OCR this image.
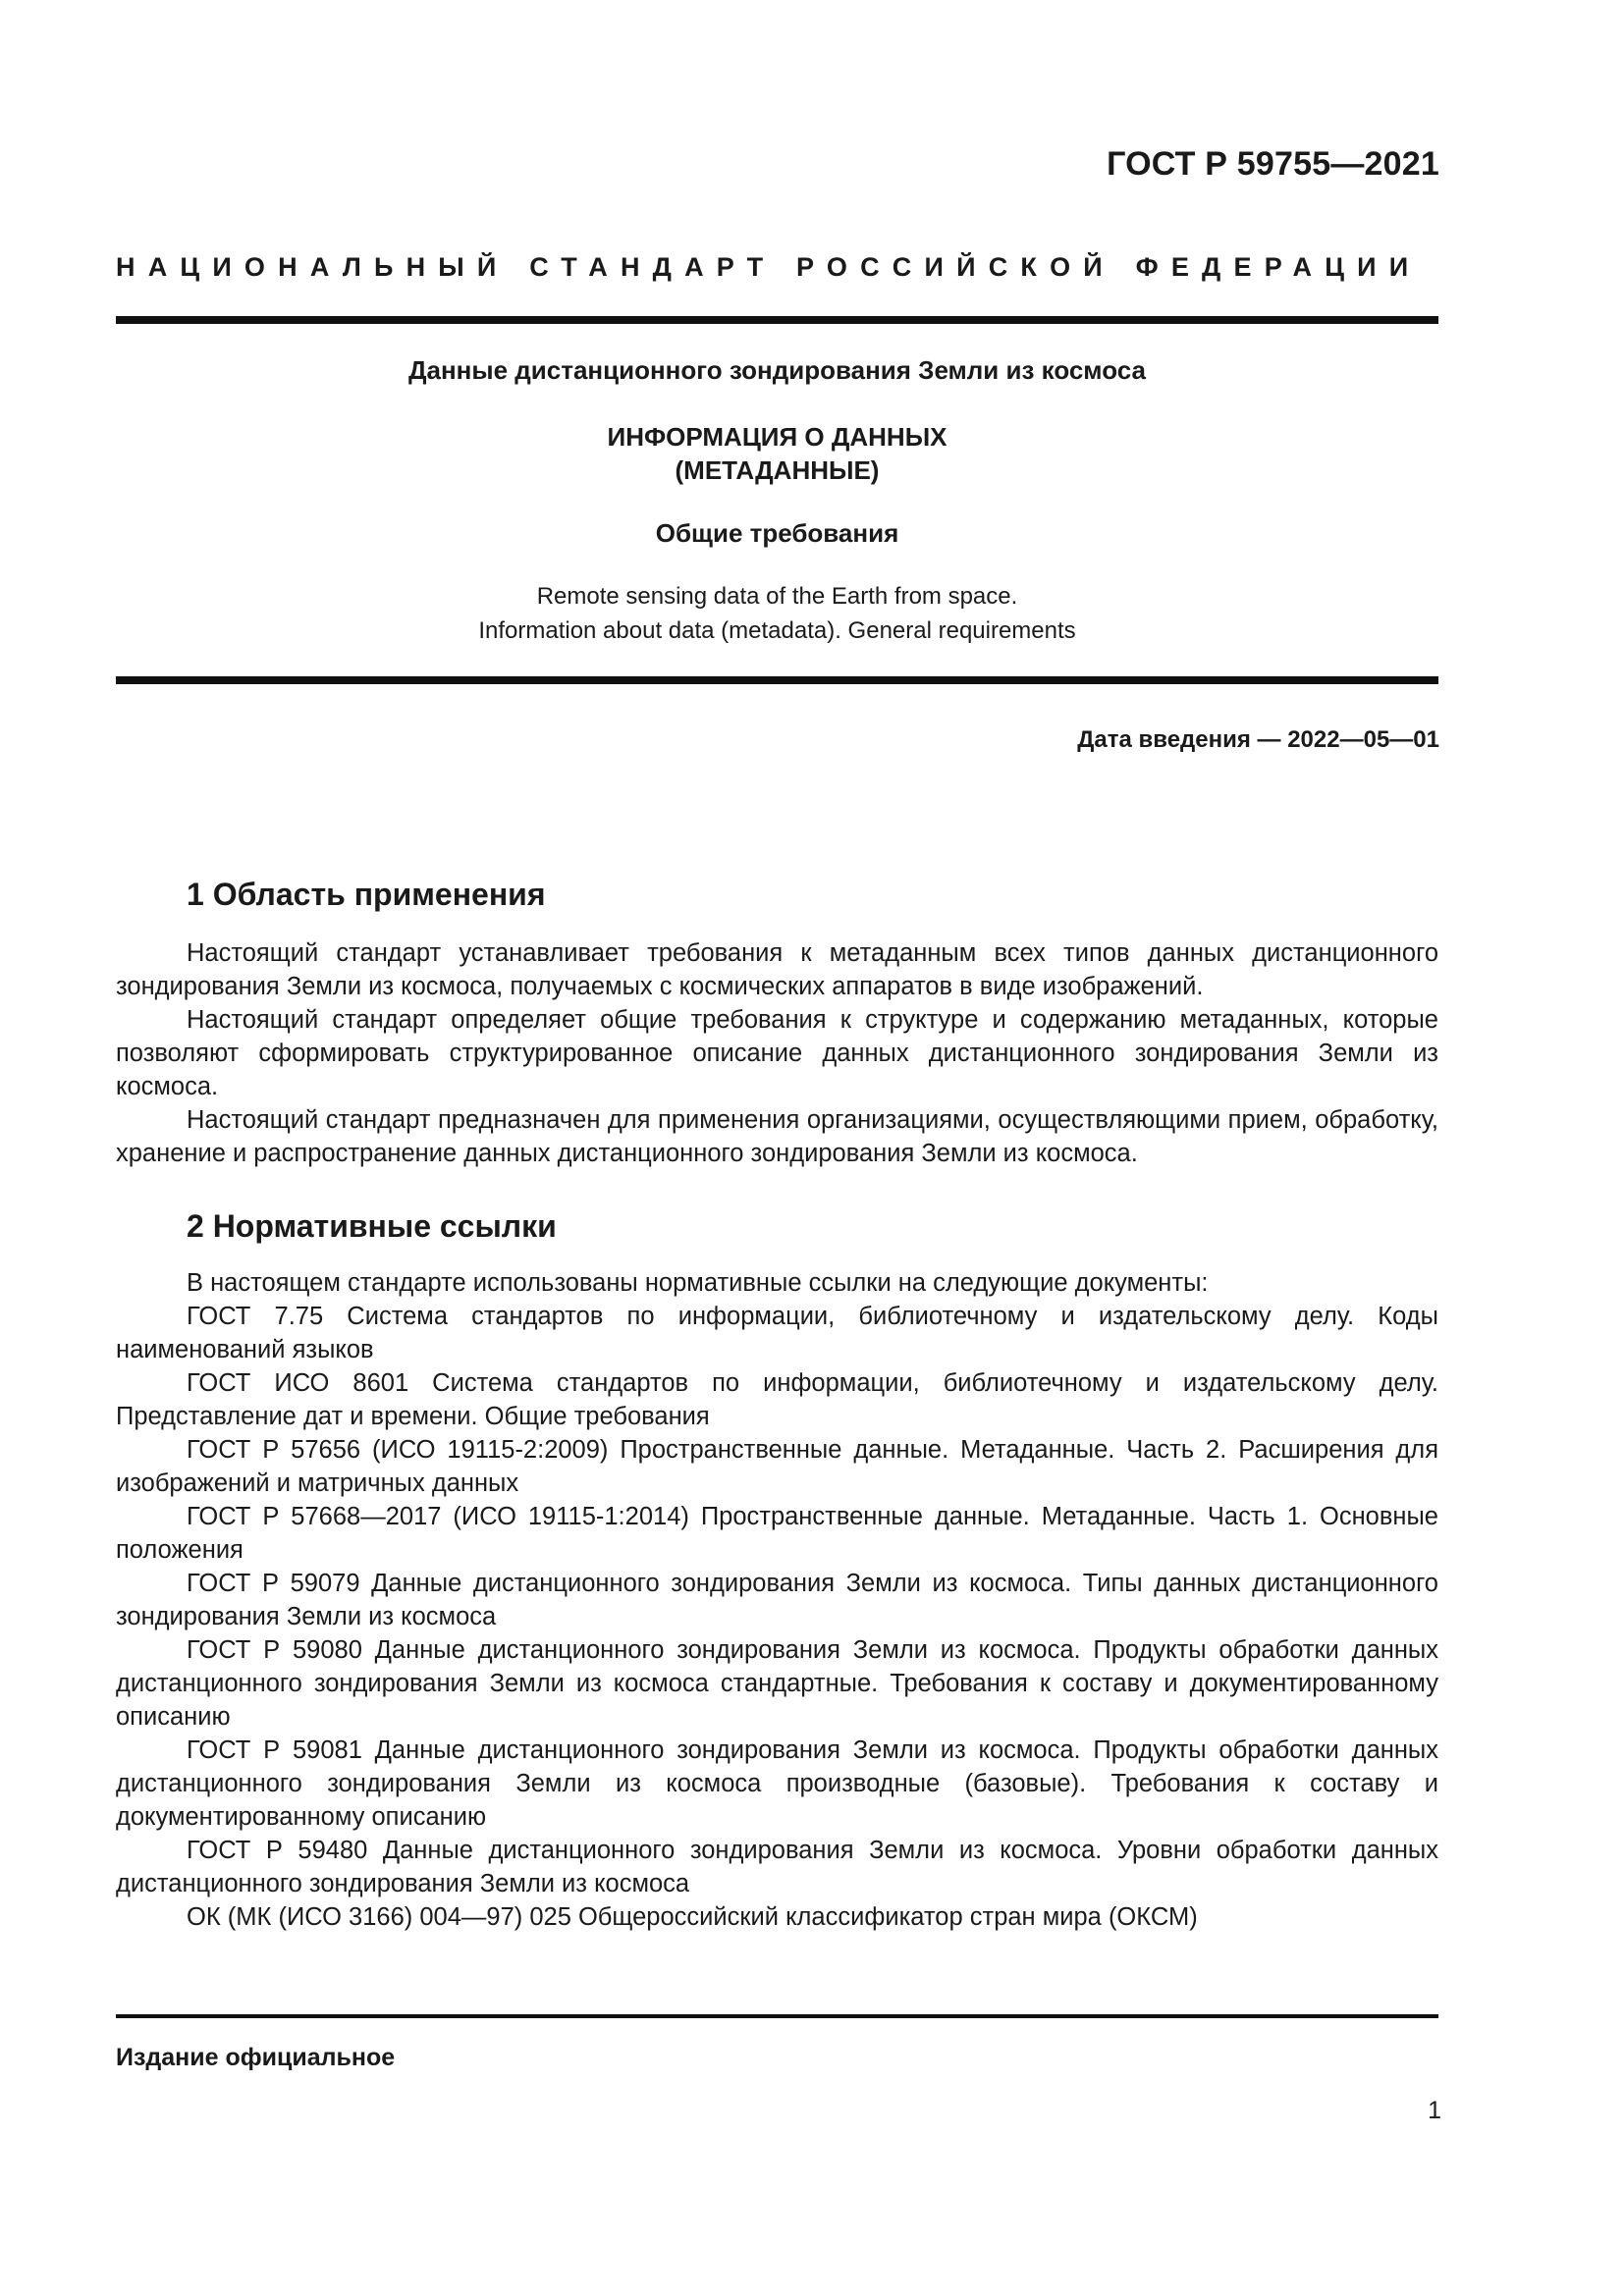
ГОСТ Р 59755—2021
НАЦИОНАЛЬНЫЙ СТАНДАРТ РОССИЙСКОЙ ФЕДЕРАЦИИ
Данные дистанционного зондирования Земли из космоса
ИНФОРМАЦИЯ О ДАННЫХ
(МЕТАДАННЫЕ)
Общие требования
Remote sensing data of the Earth from space.
Information about data (metadata). General requirements
Дата введения — 2022—05—01
1 Область применения

Настоящий стандарт устанавливает требования к метаданным всех типов данных дистанционного зондирования Земли из космоса, получаемых с космических аппаратов в виде изображений.

Настоящий стандарт определяет общие требования к структуре и содержанию метаданных, которые позволяют сформировать структурированное описание данных дистанционного зондирования Земли из космоса.

Настоящий стандарт предназначен для применения организациями, осуществляющими прием, обработку, хранение и распространение данных дистанционного зондирования Земли из космоса.

2 Нормативные ссылки

В настоящем стандарте использованы нормативные ссылки на следующие документы:

ГОСТ 7.75 Система стандартов по информации, библиотечному и издательскому делу. Коды наименований языков

ГОСТ ИСО 8601 Система стандартов по информации, библиотечному и издательскому делу. Представление дат и времени. Общие требования

ГОСТ Р 57656 (ИСО 19115-2:2009) Пространственные данные. Метаданные. Часть 2. Расширения для изображений и матричных данных

ГОСТ Р 57668—2017 (ИСО 19115-1:2014) Пространственные данные. Метаданные. Часть 1. Основные положения

ГОСТ Р 59079 Данные дистанционного зондирования Земли из космоса. Типы данных дистанционного зондирования Земли из космоса

ГОСТ Р 59080 Данные дистанционного зондирования Земли из космоса. Продукты обработки данных дистанционного зондирования Земли из космоса стандартные. Требования к составу и документированному описанию

ГОСТ Р 59081 Данные дистанционного зондирования Земли из космоса. Продукты обработки данных дистанционного зондирования Земли из космоса производные (базовые). Требования к составу и документированному описанию

ГОСТ Р 59480 Данные дистанционного зондирования Земли из космоса. Уровни обработки данных дистанционного зондирования Земли из космоса

ОК (МК (ИСО 3166) 004—97) 025 Общероссийский классификатор стран мира (ОКСМ)

Издание официальное
1
